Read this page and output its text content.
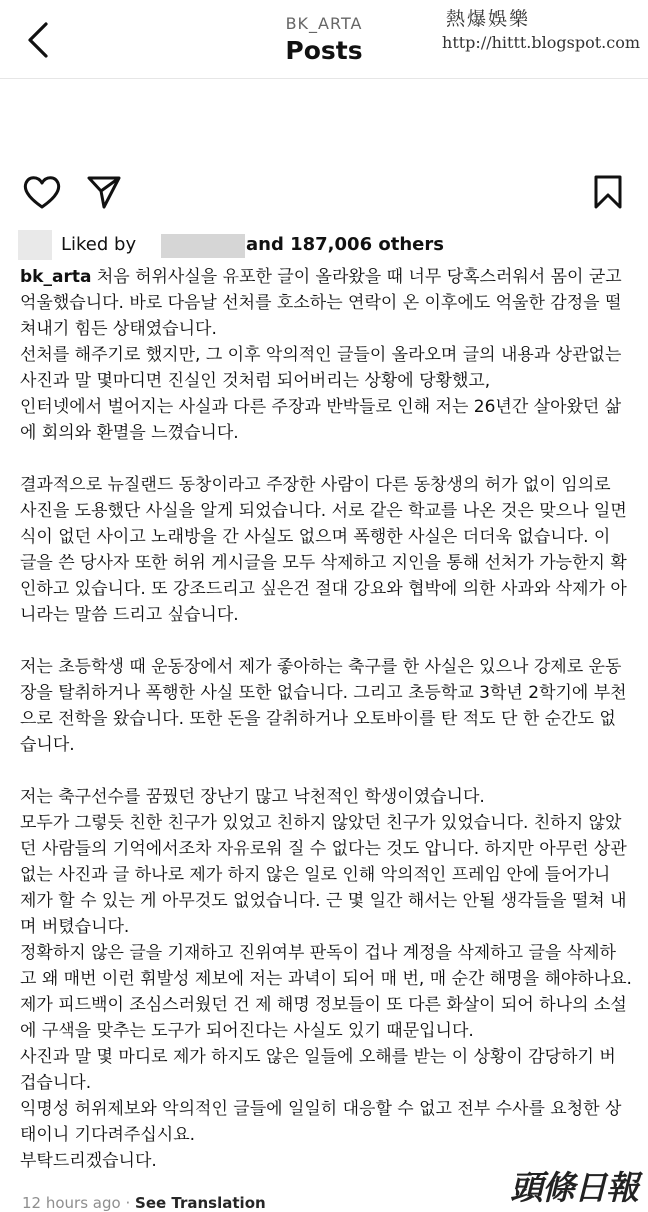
BK_ARTA
Posts
熱爆娛樂
http://hittt.blogspot.com
Liked by	and 187,006 others

bk_arta 처음 허위사실을 유포한 글이 올라왔을 때 너무 당혹스러워서 몸이 굳고 억울했습니다. 바로 다음날 선처를 호소하는 연락이 온 이후에도 억울한 감정을 떨쳐내기 힘든 상태였습니다.

선처를 해주기로 했지만, 그 이후 악의적인 글들이 올라오며 글의 내용과 상관없는 사진과 말 몇마디면 진실인 것처럼 되어버리는 상황에 당황했고,
인터넷에서 벌어지는 사실과 다른 주장과 반박들로 인해 저는 26년간 살아왔던 삶에 회의와 환멸을 느꼈습니다.

결과적으로 뉴질랜드 동창이라고 주장한 사람이 다른 동창생의 허가 없이 임의로 사진을 도용했단 사실을 알게 되었습니다. 서로 같은 학교를 나온 것은 맞으나 일면식이 없던 사이고 노래방을 간 사실도 없으며 폭행한 사실은 더더욱 없습니다. 이 글을 쓴 당사자 또한 허위 게시글을 모두 삭제하고 지인을 통해 선처가 가능한지 확인하고 있습니다. 또 강조드리고 싶은건 절대 강요와 협박에 의한 사과와 삭제가 아니라는 말씀 드리고 싶습니다.

저는 초등학생 때 운동장에서 제가 좋아하는 축구를 한 사실은 있으나 강제로 운동장을 탈취하거나 폭행한 사실 또한 없습니다. 그리고 초등학교 3학년 2학기에 부천으로 전학을 왔습니다. 또한 돈을 갈취하거나 오토바이를 탄 적도 단 한 순간도 없습니다.

저는 축구선수를 꿈꿨던 장난기 많고 낙천적인 학생이였습니다.
모두가 그렇듯 친한 친구가 있었고 친하지 않았던 친구가 있었습니다. 친하지 않았던 사람들의 기억에서조차 자유로워 질 수 없다는 것도 압니다. 하지만 아무런 상관없는 사진과 글 하나로 제가 하지 않은 일로 인해 악의적인 프레임 안에 들어가니 제가 할 수 있는 게 아무것도 없었습니다. 근 몇 일간 해서는 안될 생각들을 떨쳐 내며 버텼습니다.
정확하지 않은 글을 기재하고 진위여부 판독이 겁나 계정을 삭제하고 글을 삭제하고 왜 매번 이런 휘발성 제보에 저는 과녁이 되어 매 번, 매 순간 해명을 해야하나요. 제가 피드백이 조심스러웠던 건 제 해명 정보들이 또 다른 화살이 되어 하나의 소설에 구색을 맞추는 도구가 되어진다는 사실도 있기 때문입니다.
사진과 말 몇 마디로 제가 하지도 않은 일들에 오해를 받는 이 상황이 감당하기 버겁습니다.
익명성 허위제보와 악의적인 글들에 일일히 대응할 수 없고 전부 수사를 요청한 상태이니 기다려주십시요.
부탁드리겠습니다.

12 hours ago · See Translation	頭條日報
